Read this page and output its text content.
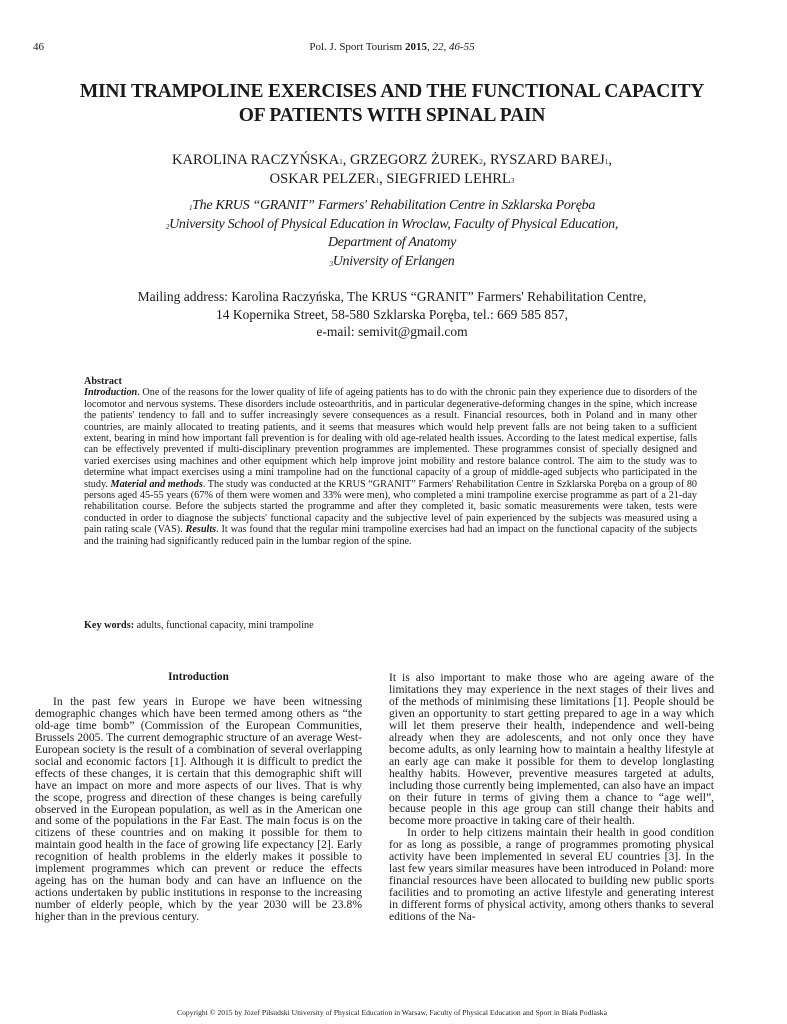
46	Pol. J. Sport Tourism 2015, 22, 46-55
MINI TRAMPOLINE EXERCISES AND THE FUNCTIONAL CAPACITY
OF PATIENTS WITH SPINAL PAIN
KAROLINA RACZYŃSKA$^1$, GRZEGORZ ŻUREK$^2$, RYSZARD BAREJ$^1$,
OSKAR PELZER$^1$, SIEGFRIED LEHRL$^3$
$^1$The KRUS “GRANIT” Farmers' Rehabilitation Centre in Szklarska Poręba
$^2$University School of Physical Education in Wroclaw, Faculty of Physical Education,
Department of Anatomy
$^3$University of Erlangen
Mailing address: Karolina Raczyńska, The KRUS “GRANIT” Farmers' Rehabilitation Centre,
14 Kopernika Street, 58-580 Szklarska Poręba, tel.: 669 585 857,
e-mail: semivit@gmail.com
Abstract
Introduction. One of the reasons for the lower quality of life of ageing patients has to do with the chronic pain they experience due to disorders of the locomotor and nervous systems. These disorders include osteoarthritis, and in particular degenerative-deforming changes in the spine, which increase the patients' tendency to fall and to suffer increasingly severe consequences as a result. Financial resources, both in Poland and in many other countries, are mainly allocated to treating patients, and it seems that measures which would help prevent falls are not being taken to a sufficient extent, bearing in mind how important fall prevention is for dealing with old age-related health issues. According to the latest medical expertise, falls can be effectively prevented if multi-disciplinary prevention programmes are implemented. These programmes consist of specially designed and varied exercises using machines and other equipment which help improve joint mobility and restore balance control. The aim to the study was to determine what impact exercises using a mini trampoline had on the functional capacity of a group of middle-aged subjects who participated in the study. Material and methods. The study was conducted at the KRUS “GRANIT” Farmers' Rehabilitation Centre in Szklarska Poręba on a group of 80 persons aged 45-55 years (67% of them were women and 33% were men), who completed a mini trampoline exercise programme as part of a 21-day rehabilitation course. Before the subjects started the programme and after they completed it, basic somatic measurements were taken, tests were conducted in order to diagnose the subjects' functional capacity and the subjective level of pain experienced by the subjects was measured using a pain rating scale (VAS). Results. It was found that the regular mini trampoline exercises had had an impact on the functional capacity of the subjects and the training had significantly reduced pain in the lumbar region of the spine.
Key words: adults, functional capacity, mini trampoline
Introduction

In the past few years in Europe we have been witnessing demographic changes which have been termed among others as “the old-age time bomb” (Commission of the European Communities, Brussels 2005. The current demographic structure of an average West-European society is the result of a combination of several overlapping social and economic factors [1]. Although it is difficult to predict the effects of these changes, it is certain that this demographic shift will have an impact on more and more aspects of our lives. That is why the scope, progress and direction of these changes is being carefully observed in the European population, as well as in the American one and some of the populations in the Far East. The main focus is on the citizens of these countries and on making it possible for them to maintain good health in the face of growing life expectancy [2]. Early recognition of health problems in the elderly makes it possible to implement programmes which can prevent or reduce the effects ageing has on the human body and can have an influence on the actions undertaken by public institutions in response to the increasing number of elderly people, which by the year 2030 will be 23.8% higher than in the previous century.

It is also important to make those who are ageing aware of the limitations they may experience in the next stages of their lives and of the methods of minimising these limitations [1]. People should be given an opportunity to start getting prepared to age in a way which will let them preserve their health, independence and well-being already when they are adolescents, and not only once they have become adults, as only learning how to maintain a healthy lifestyle at an early age can make it possible for them to develop longlasting healthy habits. However, preventive measures targeted at adults, including those currently being implemented, can also have an impact on their future in terms of giving them a chance to “age well”, because people in this age group can still change their habits and become more proactive in taking care of their health.

In order to help citizens maintain their health in good condition for as long as possible, a range of programmes promoting physical activity have been implemented in several EU countries [3]. In the last few years similar measures have been introduced in Poland: more financial resources have been allocated to building new public sports facilities and to promoting an active lifestyle and generating interest in different forms of physical activity, among others thanks to several editions of the Na-

Copyright © 2015 by Józef Piłsudski University of Physical Education in Warsaw, Faculty of Physical Education and Sport in Biała Podlaska
